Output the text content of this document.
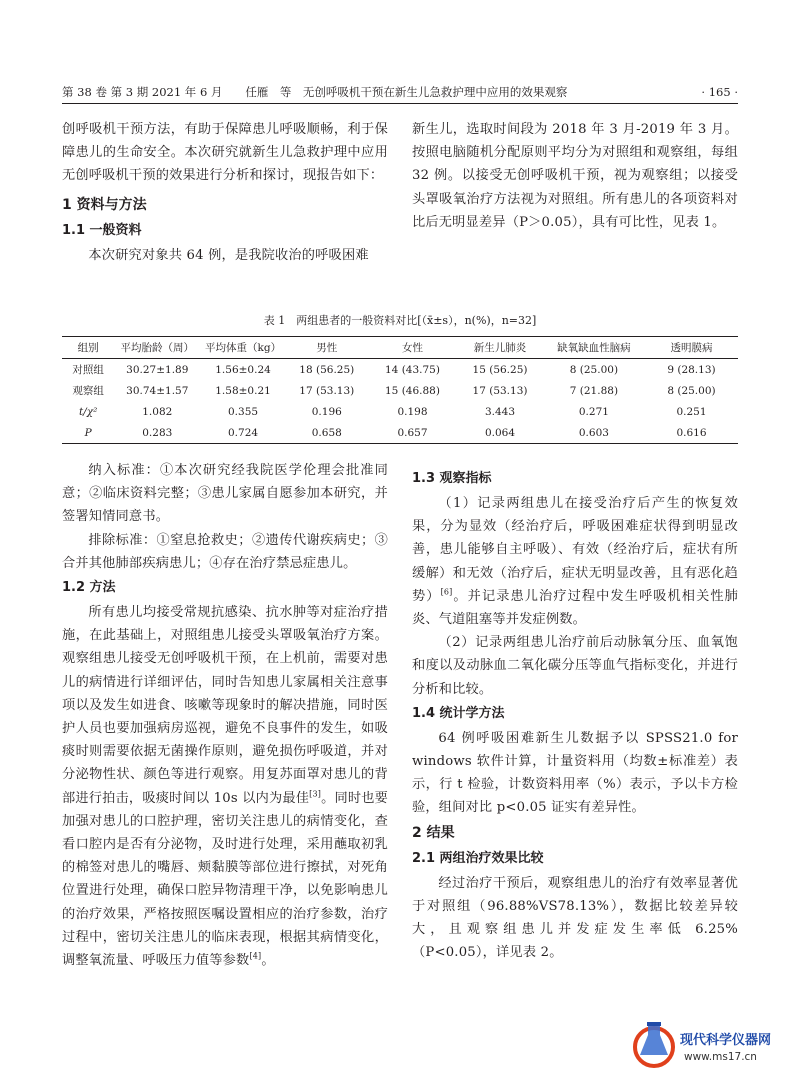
第 38 卷 第 3 期 2021 年 6 月　　任雁　等　无创呼吸机干预在新生儿急救护理中应用的效果观察	· 165 ·

创呼吸机干预方法，有助于保障患儿呼吸顺畅，利于保障患儿的生命安全。本次研究就新生儿急救护理中应用无创呼吸机干预的效果进行分析和探讨，现报告如下：

1 资料与方法
1.1 一般资料

本次研究对象共 64 例，是我院收治的呼吸困难

新生儿，选取时间段为 2018 年 3 月-2019 年 3 月。按照电脑随机分配原则平均分为对照组和观察组，每组 32 例。以接受无创呼吸机干预，视为观察组；以接受头罩吸氧治疗方法视为对照组。所有患儿的各项资料对比后无明显差异（P＞0.05），具有可比性，见表 1。

表 1　两组患者的一般资料对比[（x̄±s），n(%)，n=32]
组别	平均胎龄（周）	平均体重（kg）	男性	女性	新生儿肺炎	缺氧缺血性脑病	透明膜病
对照组	30.27±1.89	1.56±0.24	18 (56.25)	14 (43.75)	15 (56.25)	8 (25.00)	9 (28.13)
观察组	30.74±1.57	1.58±0.21	17 (53.13)	15 (46.88)	17 (53.13)	7 (21.88)	8 (25.00)
t/χ²	1.082	0.355	0.196	0.198	3.443	0.271	0.251
P	0.283	0.724	0.658	0.657	0.064	0.603	0.616

纳入标准：①本次研究经我院医学伦理会批准同意；②临床资料完整；③患儿家属自愿参加本研究，并签署知情同意书。

排除标准：①窒息抢救史；②遗传代谢疾病史；③合并其他肺部疾病患儿；④存在治疗禁忌症患儿。

1.2 方法

所有患儿均接受常规抗感染、抗水肿等对症治疗措施，在此基础上，对照组患儿接受头罩吸氧治疗方案。观察组患儿接受无创呼吸机干预，在上机前，需要对患儿的病情进行详细评估，同时告知患儿家属相关注意事项以及发生如进食、咳嗽等现象时的解决措施，同时医护人员也要加强病房巡视，避免不良事件的发生，如吸痰时则需要依据无菌操作原则，避免损伤呼吸道，并对分泌物性状、颜色等进行观察。用复苏面罩对患儿的背部进行拍击，吸痰时间以 10s 以内为最佳[3]。同时也要加强对患儿的口腔护理，密切关注患儿的病情变化，查看口腔内是否有分泌物，及时进行处理，采用蘸取初乳的棉签对患儿的嘴唇、颊黏膜等部位进行擦拭，对死角位置进行处理，确保口腔异物清理干净，以免影响患儿的治疗效果，严格按照医嘱设置相应的治疗参数，治疗过程中，密切关注患儿的临床表现，根据其病情变化，调整氧流量、呼吸压力值等参数[4]。

1.3 观察指标

（1）记录两组患儿在接受治疗后产生的恢复效果，分为显效（经治疗后，呼吸困难症状得到明显改善，患儿能够自主呼吸）、有效（经治疗后，症状有所缓解）和无效（治疗后，症状无明显改善，且有恶化趋势）[6]。并记录患儿治疗过程中发生呼吸机相关性肺炎、气道阻塞等并发症例数。

（2）记录两组患儿治疗前后动脉氧分压、血氧饱和度以及动脉血二氧化碳分压等血气指标变化，并进行分析和比较。

1.4 统计学方法

64 例呼吸困难新生儿数据予以 SPSS21.0 for windows 软件计算，计量资料用（均数±标准差）表示，行 t 检验，计数资料用率（%）表示，予以卡方检验，组间对比 p<0.05 证实有差异性。

2 结果
2.1 两组治疗效果比较

经过治疗干预后，观察组患儿的治疗有效率显著优于对照组（96.88%VS78.13%），数据比较差异较大，且观察组患儿并发症发生率低 6.25%（P<0.05），详见表 2。

现代科学仪器网
www.ms17.cn
